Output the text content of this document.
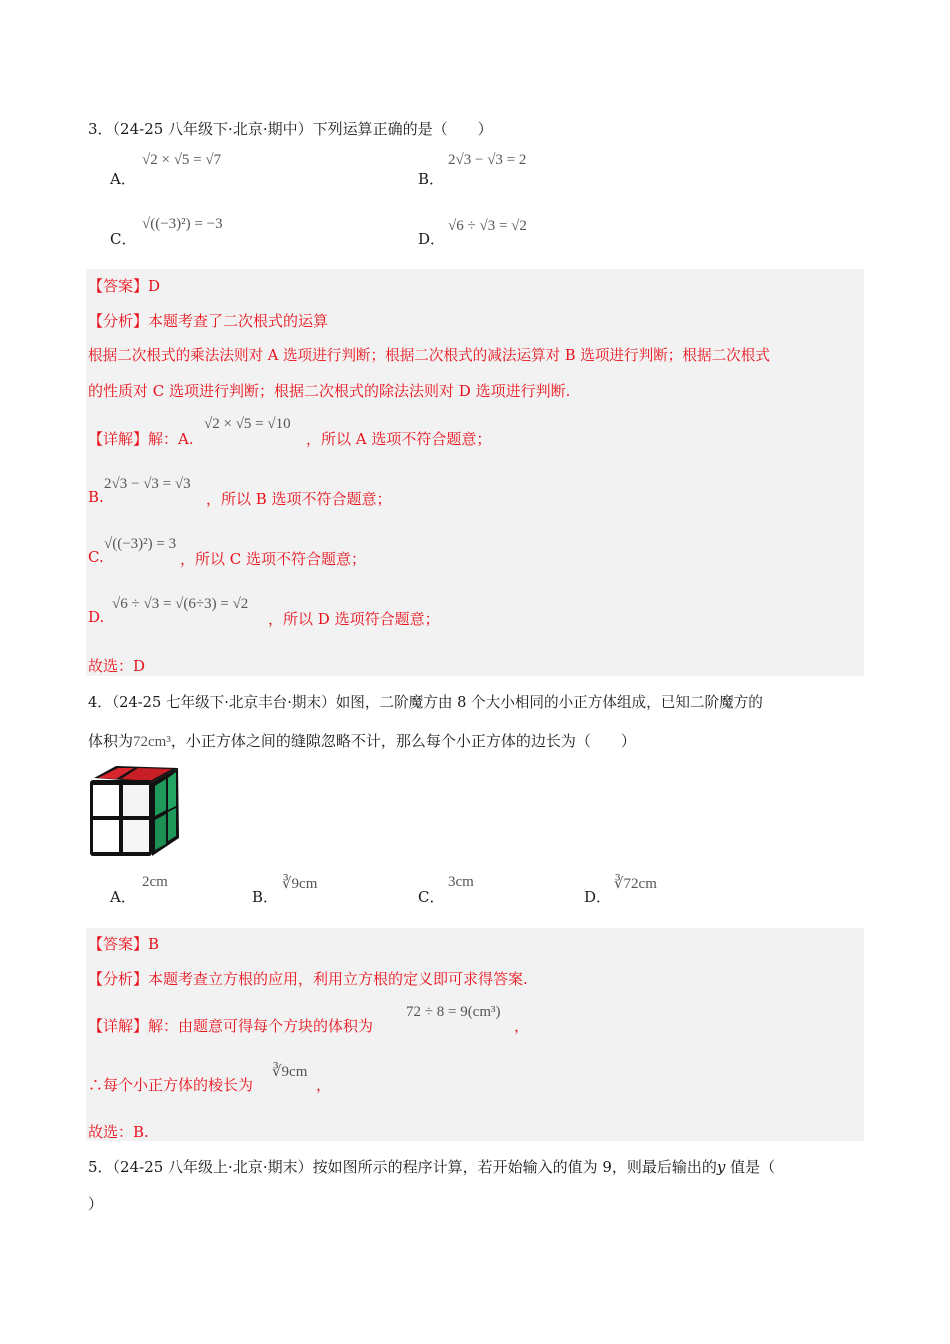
3．（24-25 八年级下·北京·期中）下列运算正确的是（　　）
A．
√2 × √5 = √7
B．
2√3 − √3 = 2
C．
√((−3)²) = −3
D．
√6 ÷ √3 = √2
【答案】D
【分析】本题考查了二次根式的运算
根据二次根式的乘法法则对 A 选项进行判断；根据二次根式的减法运算对 B 选项进行判断；根据二次根式
的性质对 C 选项进行判断；根据二次根式的除法法则对 D 选项进行判断.
【详解】解：A.
√2 × √5 = √10
，所以 A 选项不符合题意；
B.
2√3 − √3 = √3
，所以 B 选项不符合题意；
C.
√((−3)²) = 3
，所以 C 选项不符合题意；
D.
√6 ÷ √3 = √(6÷3) = √2
，所以 D 选项符合题意；
故选：D
4．（24-25 七年级下·北京丰台·期末）如图，二阶魔方由 8 个大小相同的小正方体组成，已知二阶魔方的
体积为72cm³，小正方体之间的缝隙忽略不计，那么每个小正方体的边长为（　　）
A．
2cm
B．
∛9cm
C．
3cm
D．
∛72cm
【答案】B
【分析】本题考查立方根的应用，利用立方根的定义即可求得答案.
【详解】解：由题意可得每个方块的体积为
72 ÷ 8 = 9(cm³)
，
∴每个小正方体的棱长为
∛9cm
，
故选：B.
5．（24-25 八年级上·北京·期末）按如图所示的程序计算，若开始输入的值为 9，则最后输出的y 值是（
）
